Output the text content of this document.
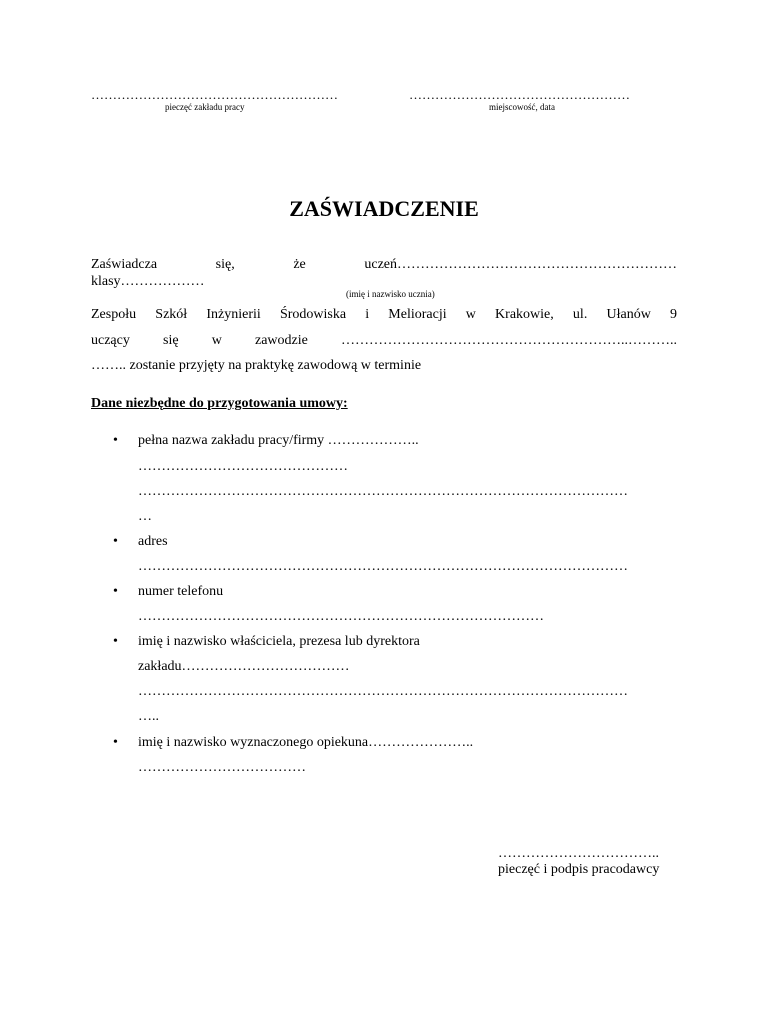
…………………………………………………
pieczęć zakładu pracy
……………………………………………
miejscowość, data
ZAŚWIADCZENIE
Zaświadcza	się,	że	uczeń……………………………………………………
klasy………………
(imię i nazwisko ucznia)
Zespołu Szkół Inżynierii Środowiska i Melioracji w Krakowie, ul. Ułanów 9
uczący się w zawodzie ……………………………………………………..………..
…….. zostanie przyjęty na praktykę zawodową w terminie
Dane niezbędne do przygotowania umowy:
• pełna nazwa zakładu pracy/firmy ………………..
………………………………………
……………………………………………………………………………………………
…
• adres
……………………………………………………………………………………………
• numer telefonu
……………………………………………………………………………
• imię i nazwisko właściciela, prezesa lub dyrektora
zakładu………………………………
……………………………………………………………………………………………
…..
• imię i nazwisko wyznaczonego opiekuna…………………..
………………………………
……………………………..
pieczęć i podpis pracodawcy
